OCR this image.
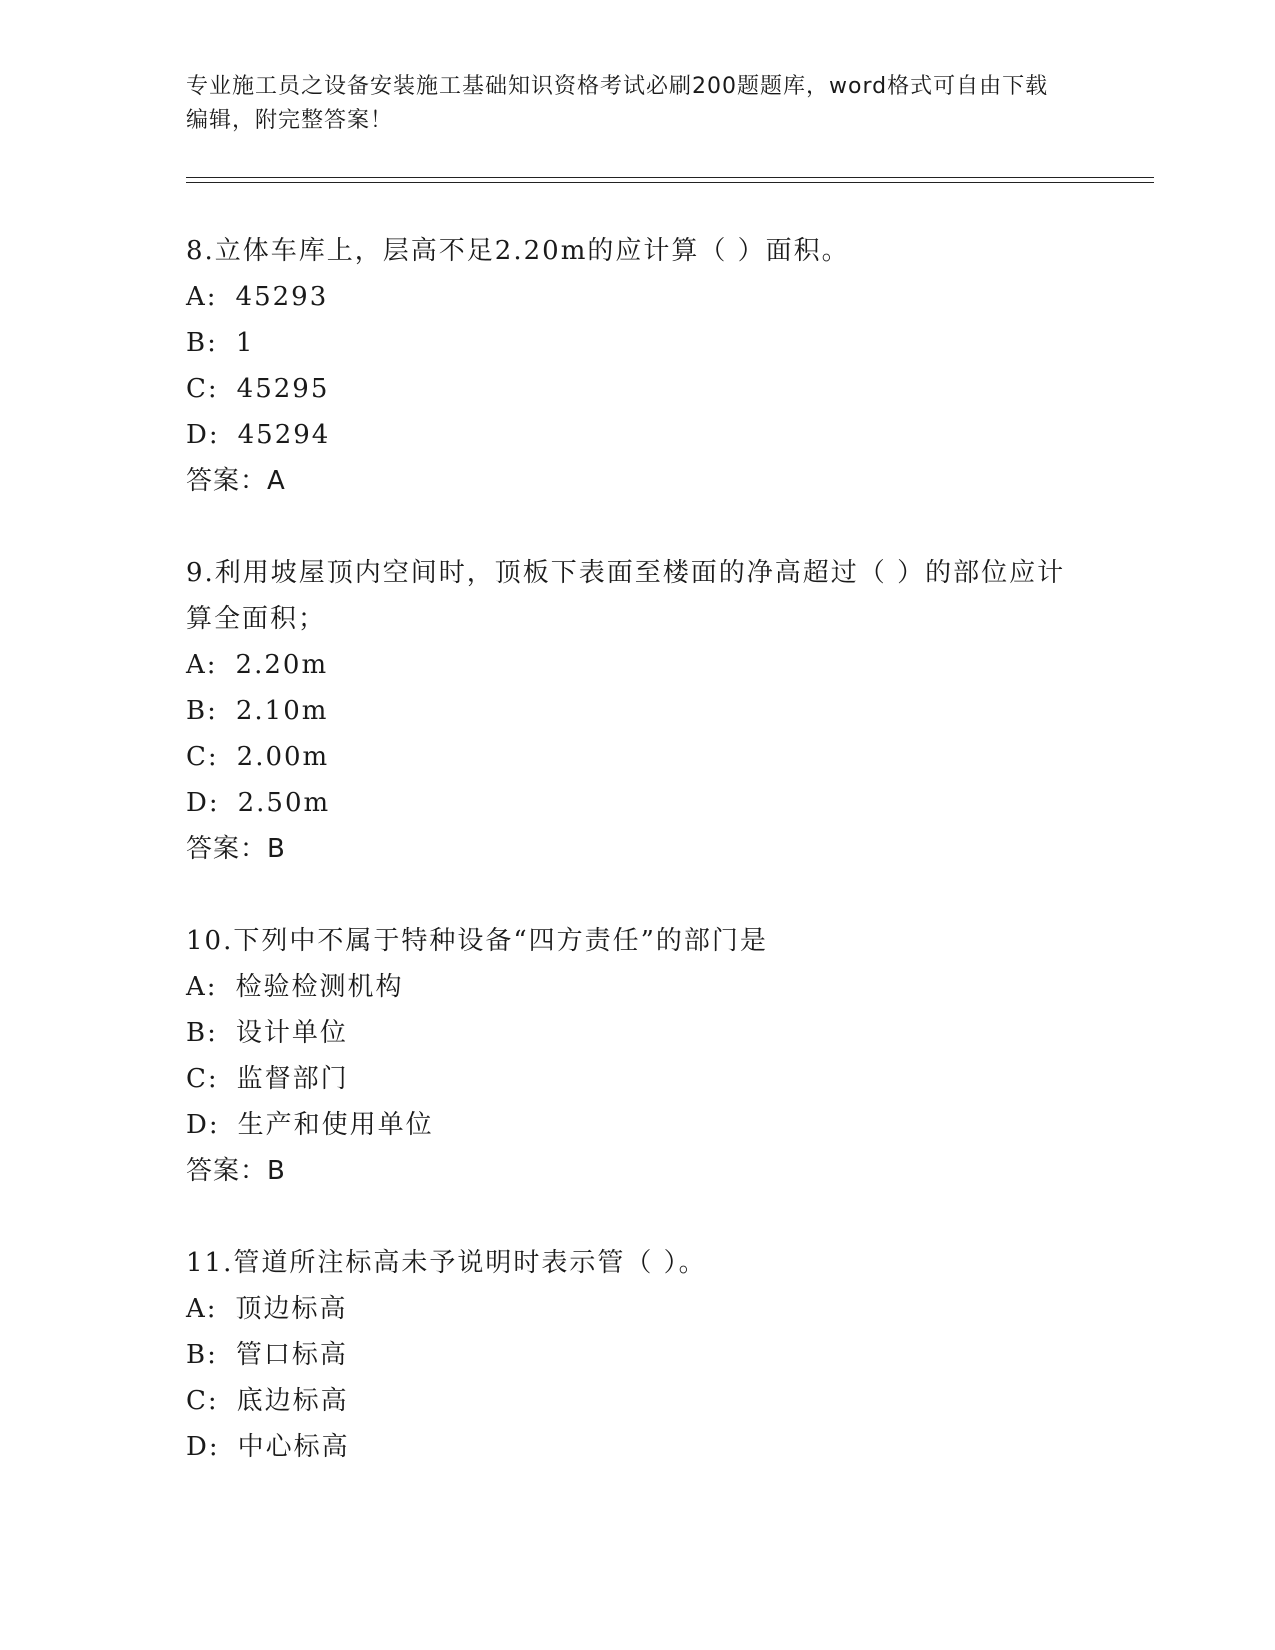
专业施工员之设备安装施工基础知识资格考试必刷200题题库，word格式可自由下载编辑，附完整答案！

8.立体车库上，层高不足2.20m的应计算（ ）面积。

A: 45293

B: 1

C: 45295

D: 45294

答案：A

9.利用坡屋顶内空间时，顶板下表面至楼面的净高超过（ ）的部位应计算全面积；

A: 2.20m

B: 2.10m

C: 2.00m

D: 2.50m

答案：B

10.下列中不属于特种设备“四方责任”的部门是

A: 检验检测机构

B: 设计单位

C: 监督部门

D: 生产和使用单位

答案：B

11.管道所注标高未予说明时表示管（ ）。

A: 顶边标高

B: 管口标高

C: 底边标高

D: 中心标高
